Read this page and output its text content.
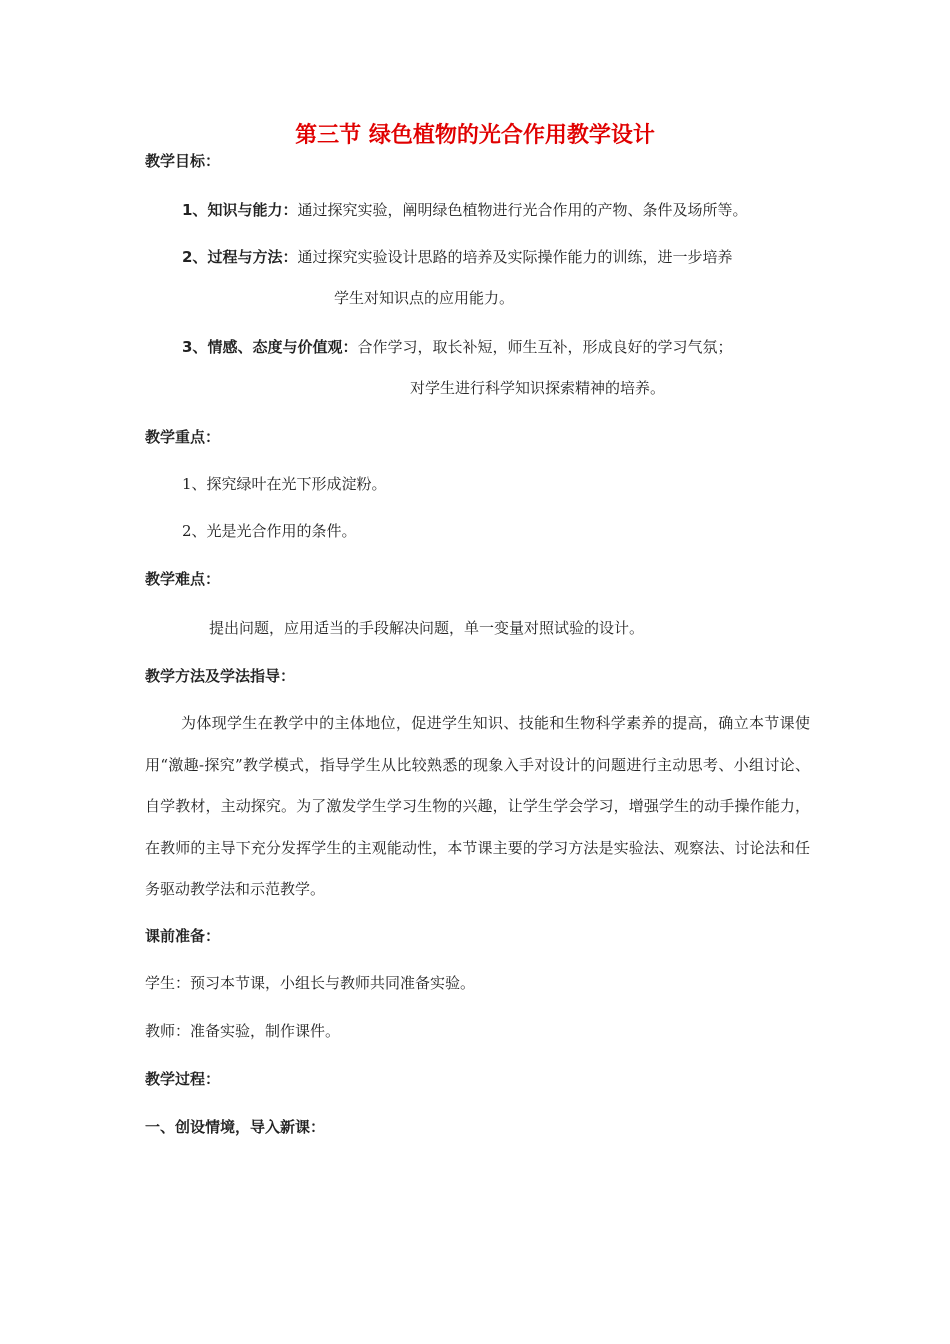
第三节 绿色植物的光合作用教学设计
教学目标：
1、知识与能力：通过探究实验，阐明绿色植物进行光合作用的产物、条件及场所等。
2、过程与方法：通过探究实验设计思路的培养及实际操作能力的训练，进一步培养
学生对知识点的应用能力。
3、情感、态度与价值观：合作学习，取长补短，师生互补，形成良好的学习气氛；
对学生进行科学知识探索精神的培养。
教学重点：
1、探究绿叶在光下形成淀粉。
2、光是光合作用的条件。
教学难点：
提出问题，应用适当的手段解决问题，单一变量对照试验的设计。
教学方法及学法指导：
为体现学生在教学中的主体地位，促进学生知识、技能和生物科学素养的提高，确立本节课使用“激趣-探究”教学模式，指导学生从比较熟悉的现象入手对设计的问题进行主动思考、小组讨论、自学教材，主动探究。为了激发学生学习生物的兴趣，让学生学会学习，增强学生的动手操作能力，在教师的主导下充分发挥学生的主观能动性，本节课主要的学习方法是实验法、观察法、讨论法和任务驱动教学法和示范教学。
课前准备：
学生：预习本节课，小组长与教师共同准备实验。
教师：准备实验，制作课件。
教学过程：
一、创设情境，导入新课：
